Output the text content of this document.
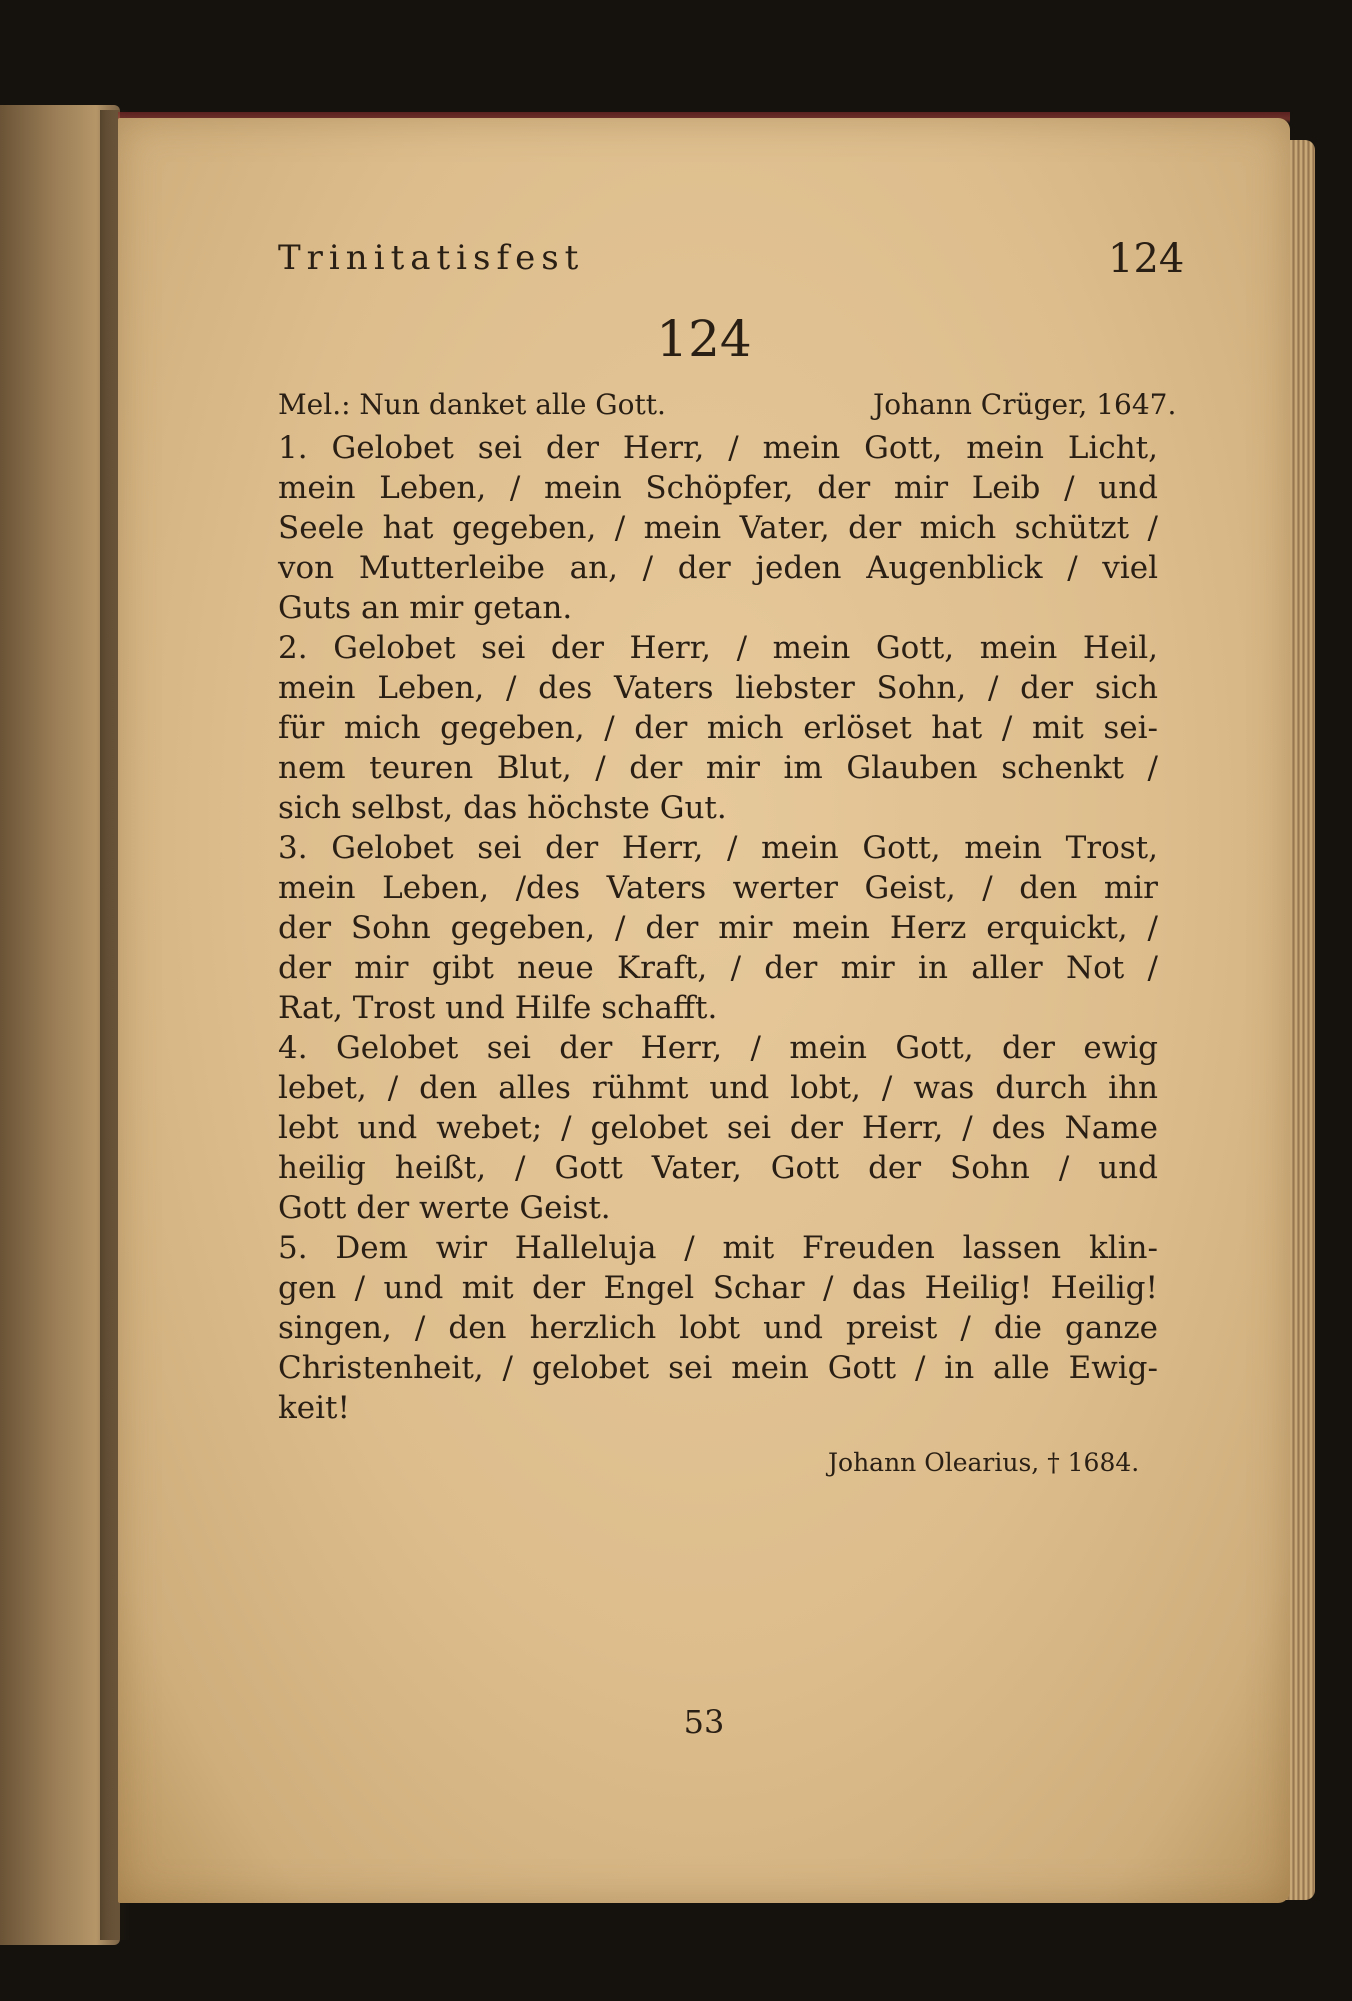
Trinitatisfest	124
124
Mel.: Nun danket alle Gott.	Johann Crüger, 1647.
1. Gelobet sei der Herr, / mein Gott, mein Licht,
mein Leben, / mein Schöpfer, der mir Leib / und
Seele hat gegeben, / mein Vater, der mich schützt /
von Mutterleibe an, / der jeden Augenblick / viel
Guts an mir getan.
2. Gelobet sei der Herr, / mein Gott, mein Heil,
mein Leben, / des Vaters liebster Sohn, / der sich
für mich gegeben, / der mich erlöset hat / mit sei-
nem teuren Blut, / der mir im Glauben schenkt /
sich selbst, das höchste Gut.
3. Gelobet sei der Herr, / mein Gott, mein Trost,
mein Leben, /des Vaters werter Geist, / den mir
der Sohn gegeben, / der mir mein Herz erquickt, /
der mir gibt neue Kraft, / der mir in aller Not /
Rat, Trost und Hilfe schafft.
4. Gelobet sei der Herr, / mein Gott, der ewig
lebet, / den alles rühmt und lobt, / was durch ihn
lebt und webet; / gelobet sei der Herr, / des Name
heilig heißt, / Gott Vater, Gott der Sohn / und
Gott der werte Geist.
5. Dem wir Halleluja / mit Freuden lassen klin-
gen / und mit der Engel Schar / das Heilig! Heilig!
singen, / den herzlich lobt und preist / die ganze
Christenheit, / gelobet sei mein Gott / in alle Ewig-
keit!
Johann Olearius, † 1684.
53
